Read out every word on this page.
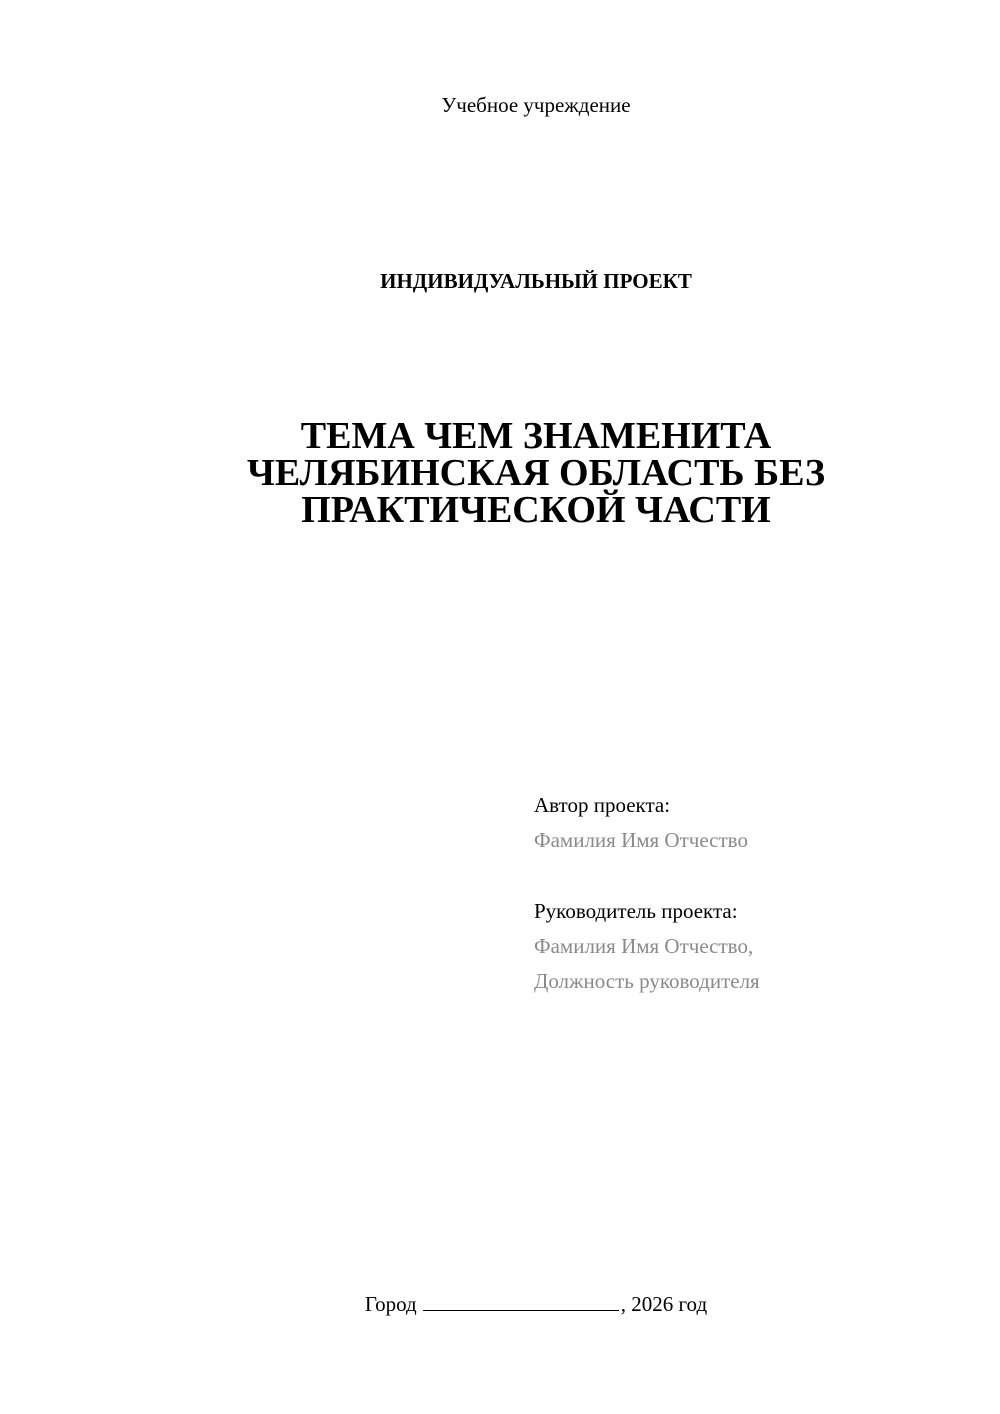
Учебное учреждение
ИНДИВИДУАЛЬНЫЙ ПРОЕКТ
ТЕМА ЧЕМ ЗНАМЕНИТА
ЧЕЛЯБИНСКАЯ ОБЛАСТЬ БЕЗ
ПРАКТИЧЕСКОЙ ЧАСТИ
Автор проекта:
Фамилия Имя Отчество
Руководитель проекта:
Фамилия Имя Отчество,
Должность руководителя
Город	, 2026 год
